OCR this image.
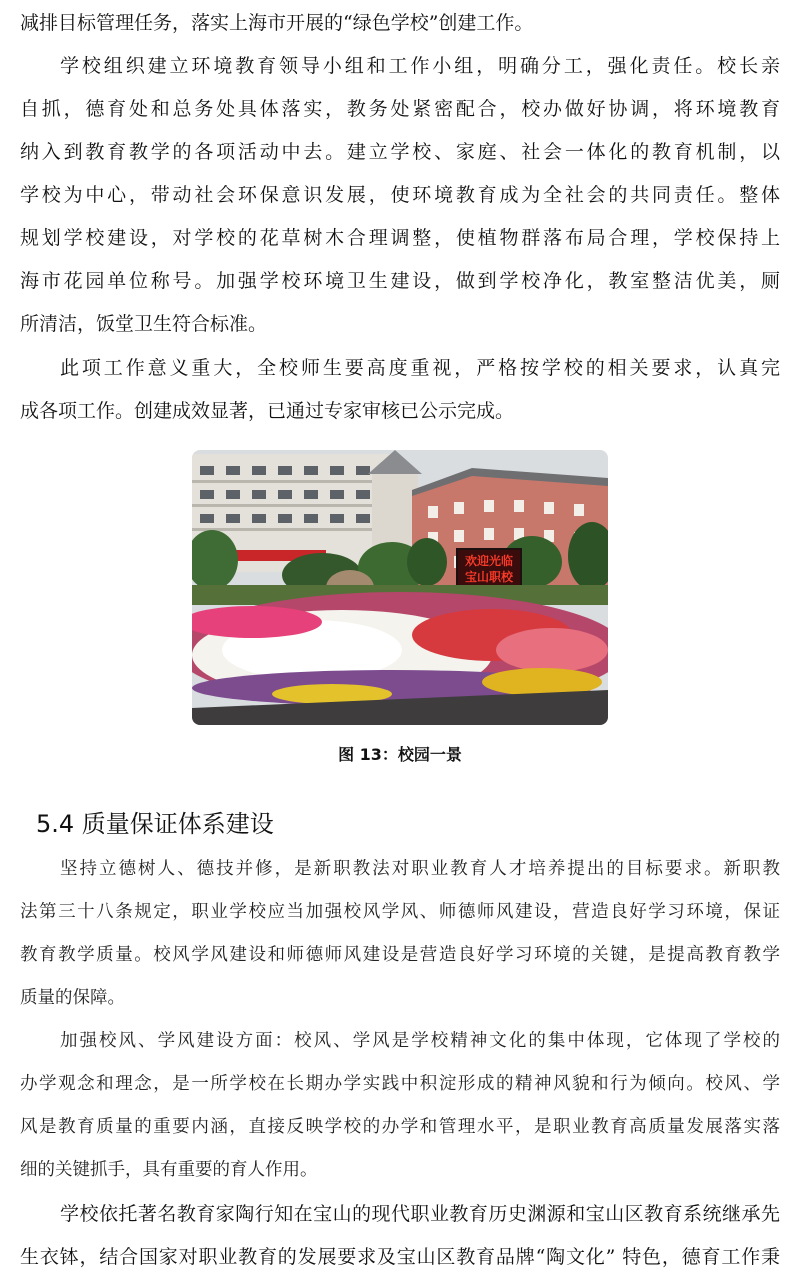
减排目标管理任务，落实上海市开展的“绿色学校”创建工作。
学校组织建立环境教育领导小组和工作小组，明确分工，强化责任。校长亲
自抓，德育处和总务处具体落实，教务处紧密配合，校办做好协调，将环境教育
纳入到教育教学的各项活动中去。建立学校、家庭、社会一体化的教育机制，以
学校为中心，带动社会环保意识发展，使环境教育成为全社会的共同责任。整体
规划学校建设，对学校的花草树木合理调整，使植物群落布局合理，学校保持上
海市花园单位称号。加强学校环境卫生建设，做到学校净化，教室整洁优美，厕
所清洁，饭堂卫生符合标准。
此项工作意义重大，全校师生要高度重视，严格按学校的相关要求，认真完
成各项工作。创建成效显著，已通过专家审核已公示完成。
欢迎光临
宝山职校
图 13：校园一景
5.4 质量保证体系建设
坚持立德树人、德技并修，是新职教法对职业教育人才培养提出的目标要求。新职教
法第三十八条规定，职业学校应当加强校风学风、师德师风建设，营造良好学习环境，保证
教育教学质量。校风学风建设和师德师风建设是营造良好学习环境的关键，是提高教育教学
质量的保障。
加强校风、学风建设方面：校风、学风是学校精神文化的集中体现，它体现了学校的
办学观念和理念，是一所学校在长期办学实践中积淀形成的精神风貌和行为倾向。校风、学
风是教育质量的重要内涵，直接反映学校的办学和管理水平，是职业教育高质量发展落实落
细的关键抓手，具有重要的育人作用。
学校依托著名教育家陶行知在宝山的现代职业教育历史渊源和宝山区教育系统继承先
生衣钵，结合国家对职业教育的发展要求及宝山区教育品牌“陶文化” 特色，德育工作秉
